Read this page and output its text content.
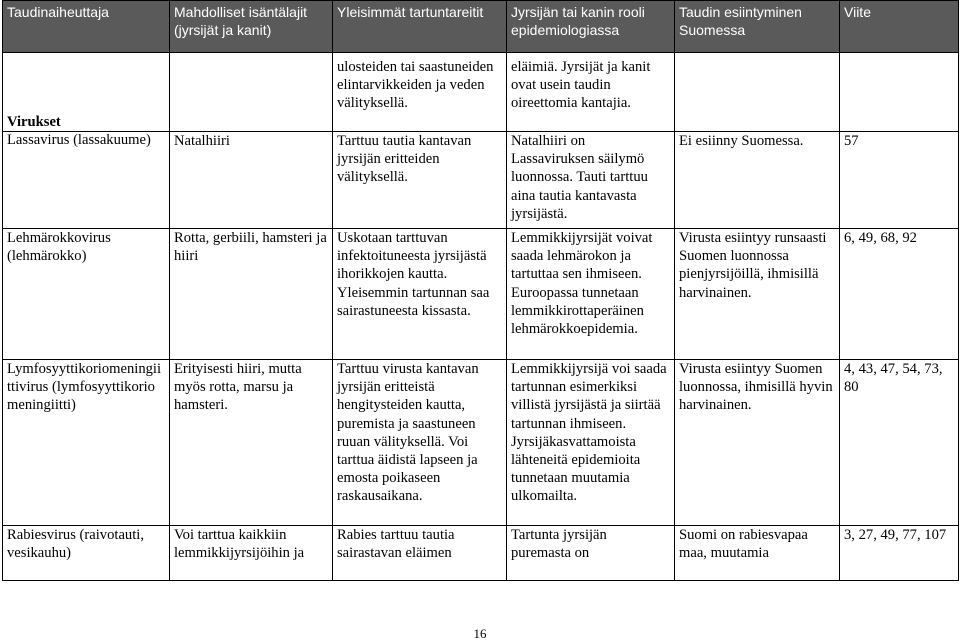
Taudinaiheuttaja	Mahdolliset isäntälajit (jyrsijät ja kanit)	Yleisimmät tartuntareitit	Jyrsijän tai kanin rooli epidemiologiassa	Taudin esiintyminen Suomessa	Viite
		ulosteiden tai saastuneiden elintarvikkeiden ja veden välityksellä.	eläimiä. Jyrsijät ja kanit ovat usein taudin oireettomia kantajia.		

Virukset

Lassavirus (lassakuume)	Natalhiiri	Tarttuu tautia kantavan jyrsijän eritteiden välityksellä.	Natalhiiri on Lassaviruksen säilymö luonnossa. Tauti tarttuu aina tautia kantavasta jyrsijästä.	Ei esiinny Suomessa.	57
Lehmärokkovirus (lehmärokko)	Rotta, gerbiili, hamsteri ja hiiri	Uskotaan tarttuvan infektoituneesta jyrsijästä ihorikkojen kautta. Yleisemmin tartunnan saa sairastuneesta kissasta.	Lemmikkijyrsijät voivat saada lehmärokon ja tartuttaa sen ihmiseen. Euroopassa tunnetaan lemmikkirottaperäinen lehmärokkoepidemia.	Virusta esiintyy runsaasti Suomen luonnossa pienjyrsijöillä, ihmisillä harvinainen.	6, 49, 68, 92
Lymfosyyttikoriomeningiittivirus (lymfosyyttikoriomeningiitti)	Erityisesti hiiri, mutta myös rotta, marsu ja hamsteri.	Tarttuu virusta kantavan jyrsijän eritteistä hengitysteiden kautta, puremista ja saastuneen ruuan välityksellä. Voi tarttua äidistä lapseen ja emosta poikaseen raskausaikana.	Lemmikkijyrsijä voi saada tartunnan esimerkiksi villistä jyrsijästä ja siirtää tartunnan ihmiseen. Jyrsijäkasvattamoista lähteneitä epidemioita tunnetaan muutamia ulkomailta.	Virusta esiintyy Suomen luonnossa, ihmisillä hyvin harvinainen.	4, 43, 47, 54, 73, 80
Rabiesvirus (raivotauti, vesikauhu)	Voi tarttua kaikkiin lemmikkijyrsijöihin ja	Rabies tarttuu tautia sairastavan eläimen	Tartunta jyrsijän puremasta on	Suomi on rabiesvapaa maa, muutamia	3, 27, 49, 77, 107
16
